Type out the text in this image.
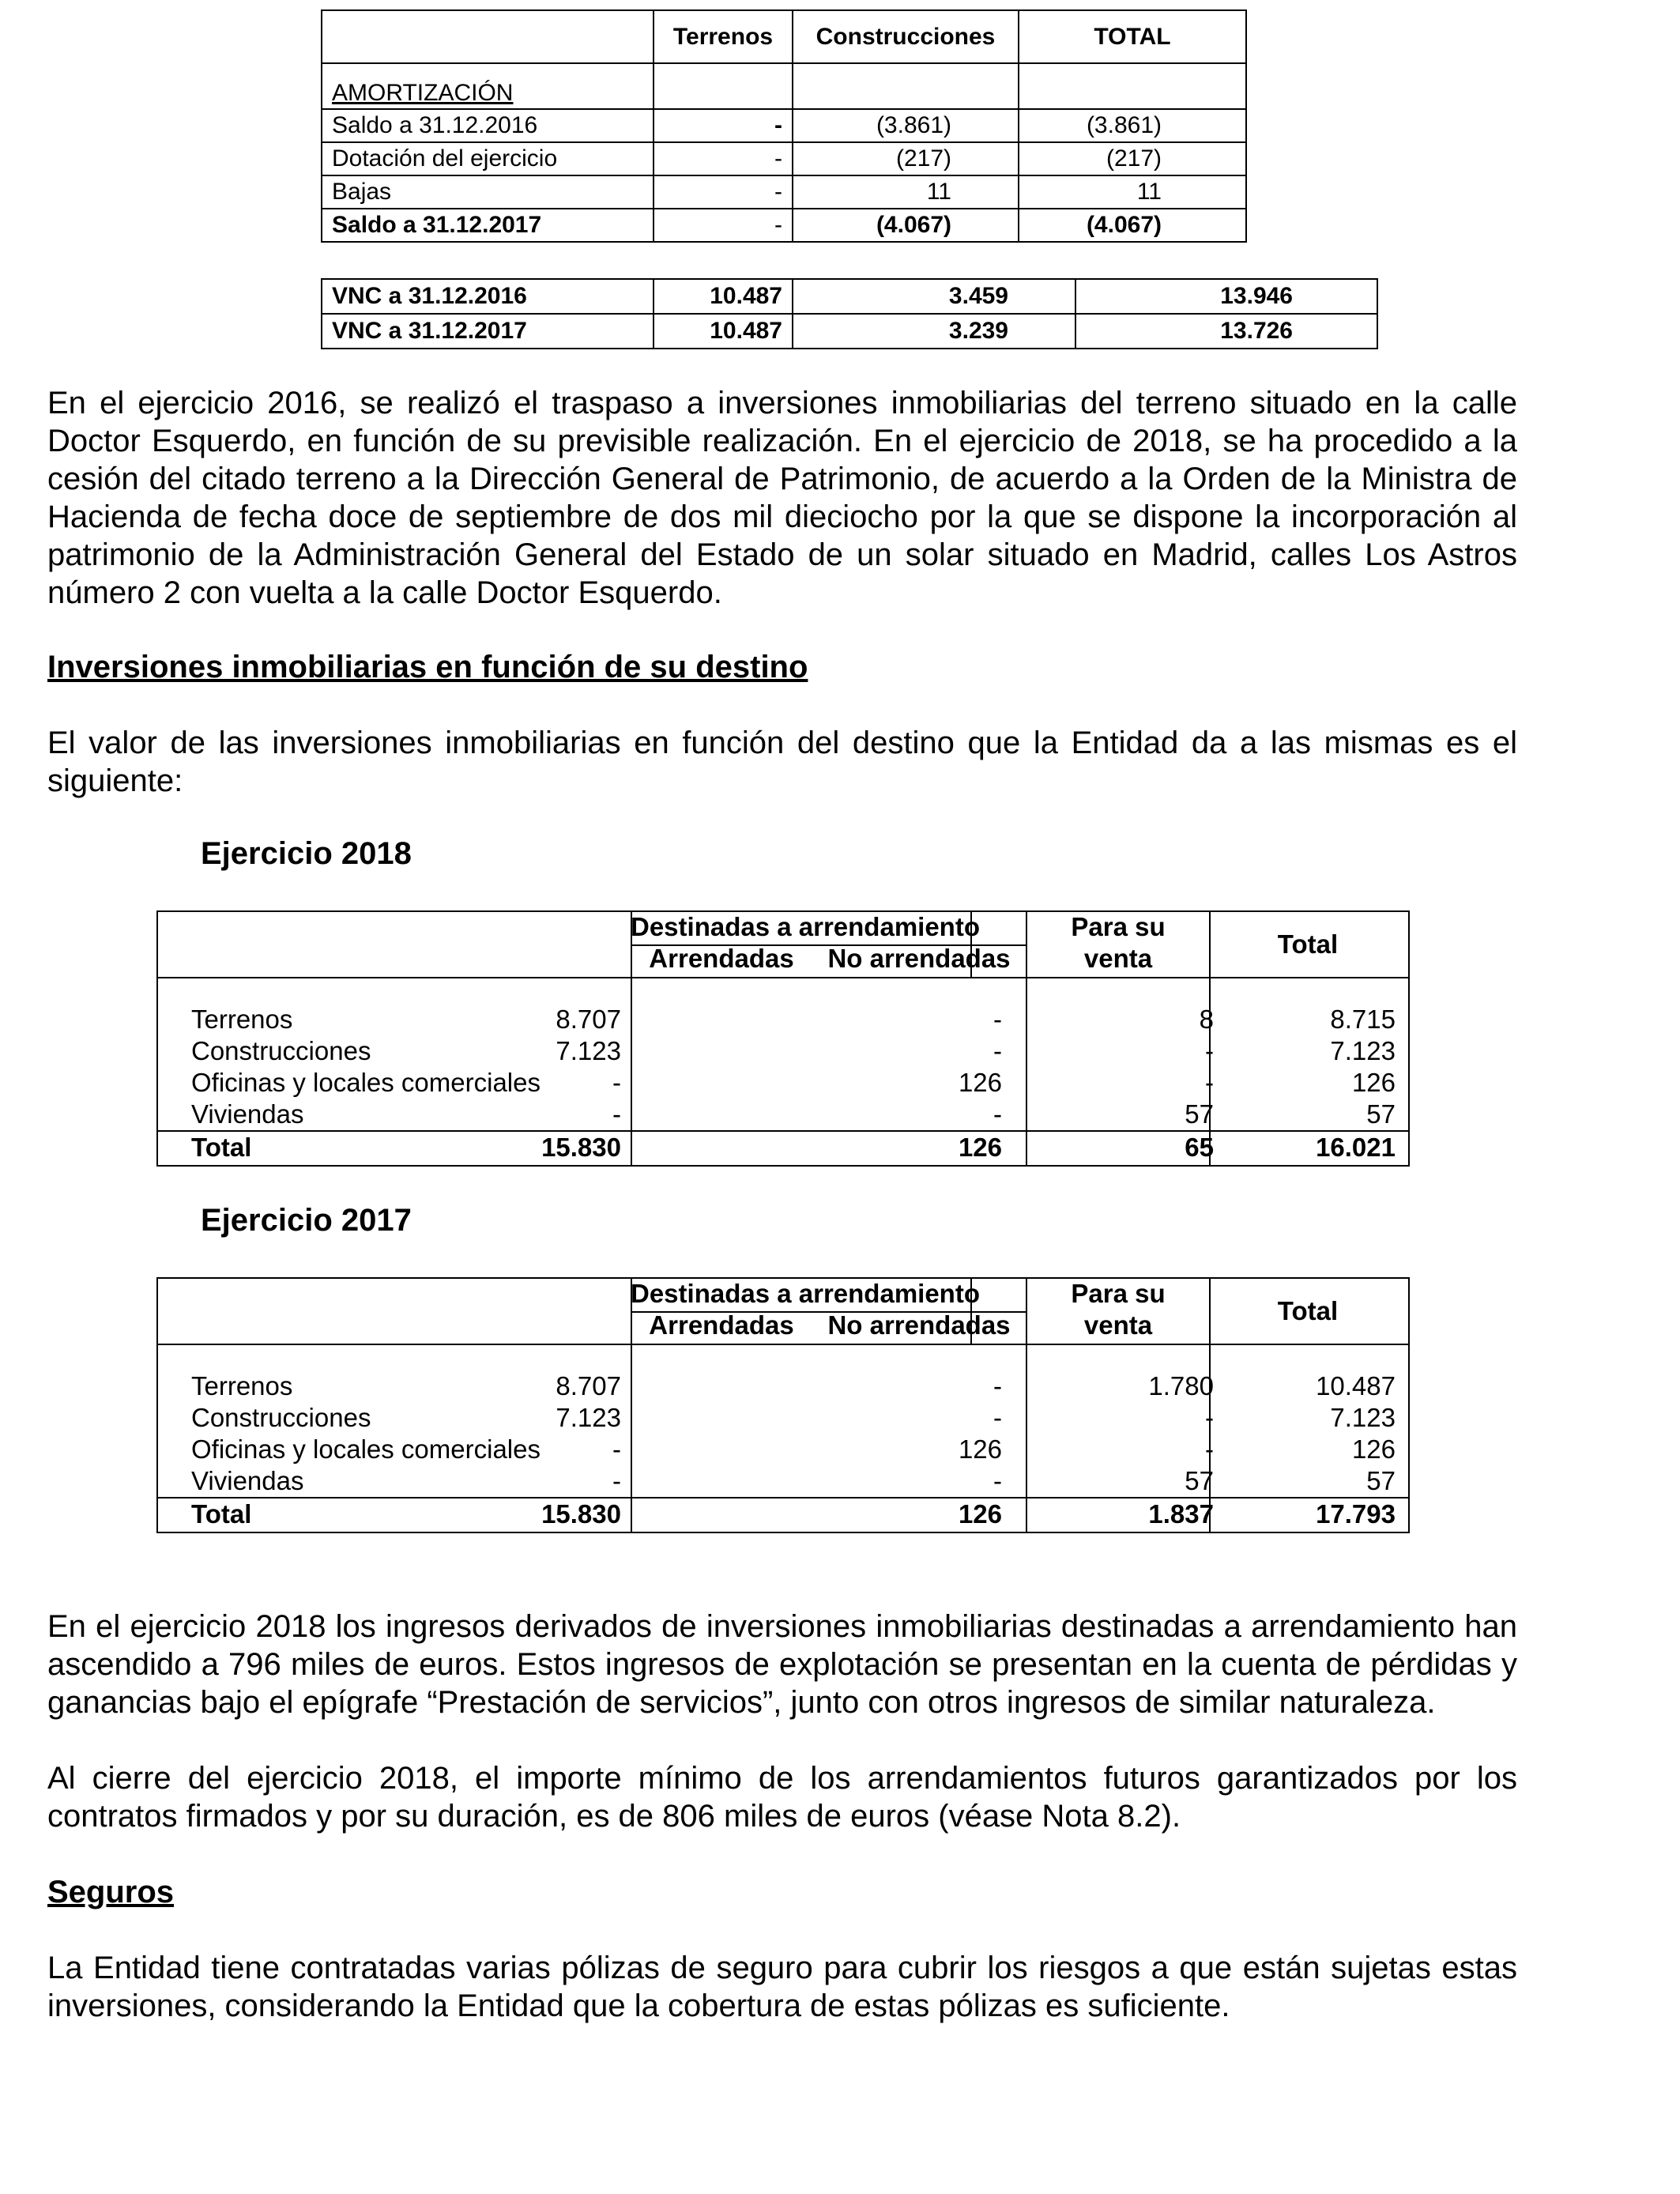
	Terrenos	Construcciones	TOTAL
AMORTIZACIÓN			
Saldo a 31.12.2016	-	(3.861)	(3.861)
Dotación del ejercicio	-	(217)	(217)
Bajas	-	11	11
Saldo a 31.12.2017	-	(4.067)	(4.067)
VNC a 31.12.2016	10.487	3.459	13.946
VNC a 31.12.2017	10.487	3.239	13.726

En el ejercicio 2016, se realizó el traspaso a inversiones inmobiliarias del terreno situado en la calle Doctor Esquerdo, en función de su previsible realización. En el ejercicio de 2018, se ha procedido a la cesión del citado terreno a la Dirección General de Patrimonio, de acuerdo a la Orden de la Ministra de Hacienda de fecha doce de septiembre de dos mil dieciocho por la que se dispone la incorporación al patrimonio de la Administración General del Estado de un solar situado en Madrid, calles Los Astros número 2 con vuelta a la calle Doctor Esquerdo.

Inversiones inmobiliarias en función de su destino

El valor de las inversiones inmobiliarias en función del destino que la Entidad da a las mismas es el siguiente:

Ejercicio 2018

Destinadas a arrendamiento
Arrendadas	No arrendadas
Para su
venta	Total
Terrenos	8.707	-	8	8.715
Construcciones	7.123	-	-	7.123
Oficinas y locales comerciales	-	126	-	126
Viviendas	-	-	57	57
Total	15.830	126	65	16.021

Ejercicio 2017

Destinadas a arrendamiento
Arrendadas	No arrendadas
Para su
venta	Total
Terrenos	8.707	-	1.780	10.487
Construcciones	7.123	-	-	7.123
Oficinas y locales comerciales	-	126	-	126
Viviendas	-	-	57	57
Total	15.830	126	1.837	17.793

En el ejercicio 2018 los ingresos derivados de inversiones inmobiliarias destinadas a arrendamiento han ascendido a 796 miles de euros. Estos ingresos de explotación se presentan en la cuenta de pérdidas y ganancias bajo el epígrafe “Prestación de servicios”, junto con otros ingresos de similar naturaleza.

Al cierre del ejercicio 2018, el importe mínimo de los arrendamientos futuros garantizados por los contratos firmados y por su duración, es de 806 miles de euros (véase Nota 8.2).

Seguros

La Entidad tiene contratadas varias pólizas de seguro para cubrir los riesgos a que están sujetas estas inversiones, considerando la Entidad que la cobertura de estas pólizas es suficiente.
